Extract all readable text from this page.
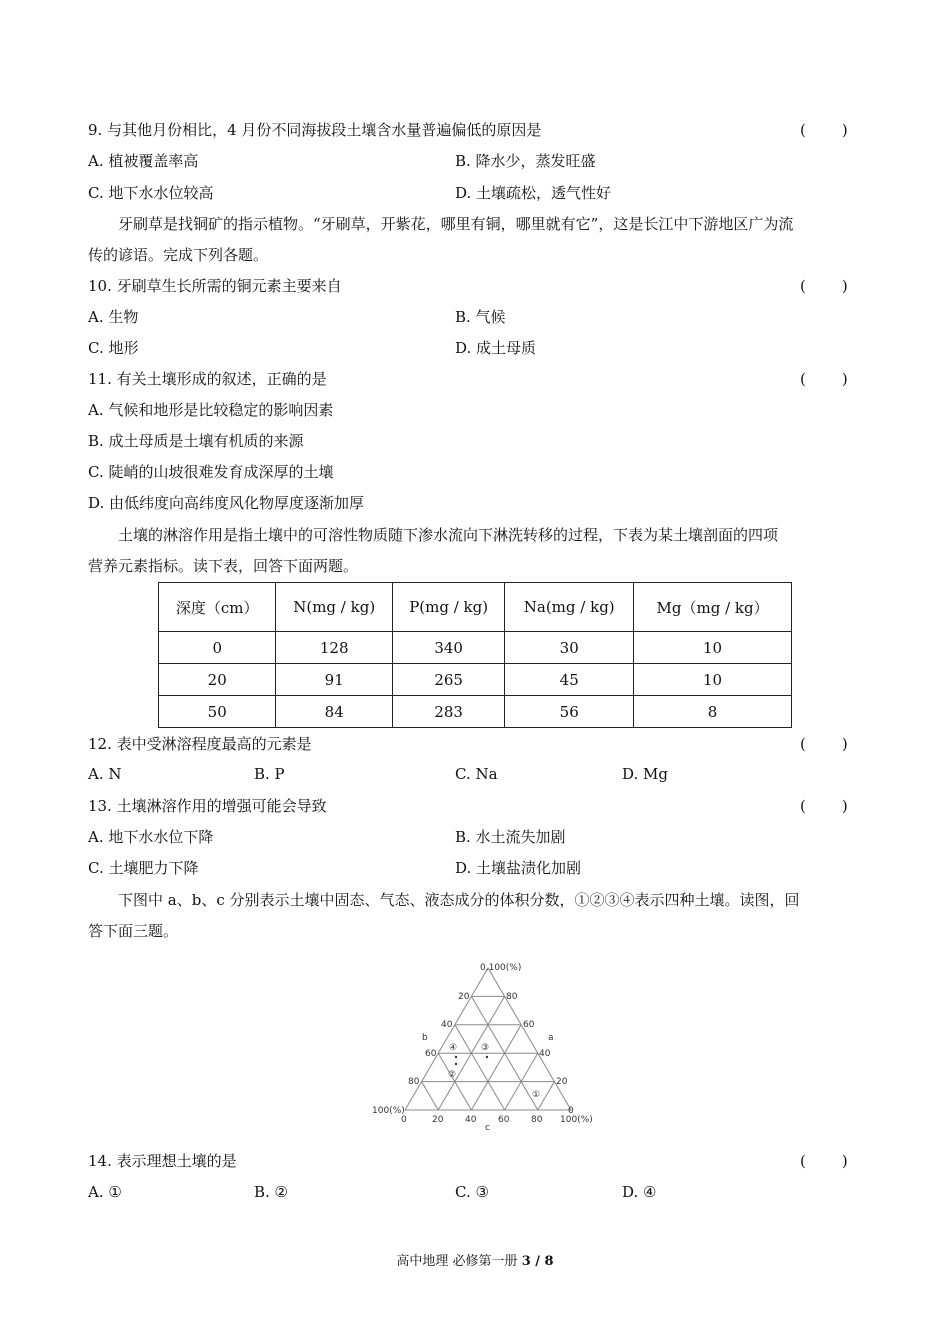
9. 与其他月份相比，4 月份不同海拔段土壤含水量普遍偏低的原因是	(　　)
A. 植被覆盖率高	B. 降水少，蒸发旺盛
C. 地下水水位较高	D. 土壤疏松，透气性好
牙刷草是找铜矿的指示植物。“牙刷草，开紫花，哪里有铜，哪里就有它”，这是长江中下游地区广为流
传的谚语。完成下列各题。
10. 牙刷草生长所需的铜元素主要来自	(　　)
A. 生物	B. 气候
C. 地形	D. 成土母质
11. 有关土壤形成的叙述，正确的是	(　　)
A. 气候和地形是比较稳定的影响因素
B. 成土母质是土壤有机质的来源
C. 陡峭的山坡很难发育成深厚的土壤
D. 由低纬度向高纬度风化物厚度逐渐加厚
土壤的淋溶作用是指土壤中的可溶性物质随下渗水流向下淋洗转移的过程，下表为某土壤剖面的四项
营养元素指标。读下表，回答下面两题。
深度（cm）	N(mg / kg)	P(mg / kg)	Na(mg / kg)	Mg（mg / kg）
0	128	340	30	10
20	91	265	45	10
50	84	283	56	8
12. 表中受淋溶程度最高的元素是	(　　)
A. N	B. P	C. Na	D. Mg
13. 土壤淋溶作用的增强可能会导致	(　　)
A. 地下水水位下降	B. 水土流失加剧
C. 土壤肥力下降	D. 土壤盐渍化加剧
下图中 a、b、c 分别表示土壤中固态、气态、液态成分的体积分数，①②③④表示四种土壤。读图，回
答下面三题。
0,100(%)
20
40
60
80
80
60
40
20
100(%)
0	20 40 60 80
0
100(%)
b	a
c
①
②
③
④
14. 表示理想土壤的是	(　　)
A. ①	B. ②	C. ③	D. ④
高中地理 必修第一册 3 / 8
